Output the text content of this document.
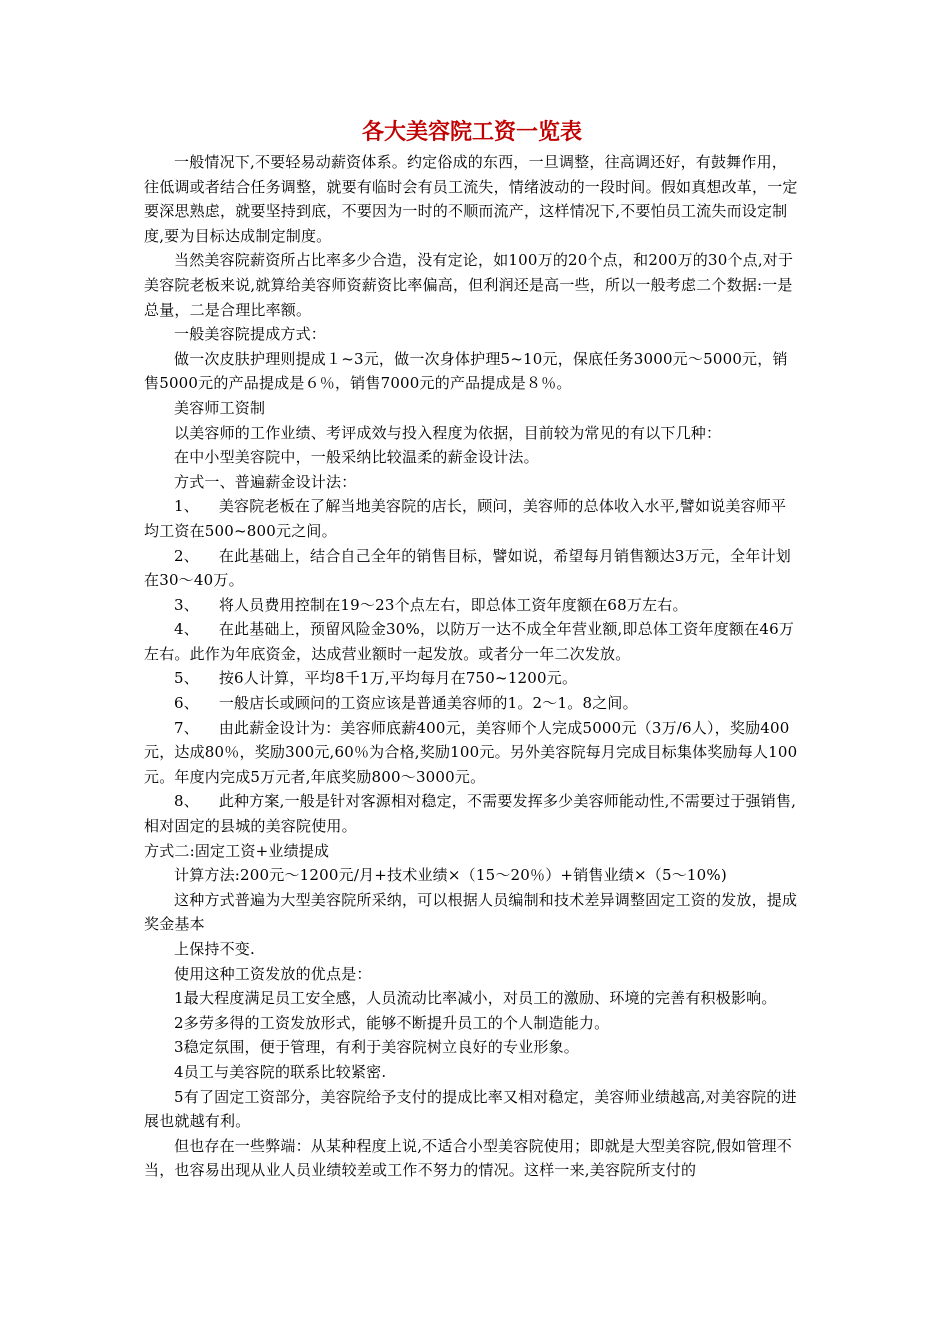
各大美容院工资一览表

一般情况下,不要轻易动薪资体系。约定俗成的东西，一旦调整，往高调还好，有鼓舞作用，往低调或者结合任务调整，就要有临时会有员工流失，情绪波动的一段时间。假如真想改革，一定要深思熟虑，就要坚持到底，不要因为一时的不顺而流产，这样情况下,不要怕员工流失而设定制度,要为目标达成制定制度。

当然美容院薪资所占比率多少合造，没有定论，如100万的20个点，和200万的30个点,对于美容院老板来说,就算给美容师资薪资比率偏高，但利润还是高一些，所以一般考虑二个数据:一是总量，二是合理比率额。

一般美容院提成方式：

做一次皮肤护理则提成１~3元，做一次身体护理5~10元，保底任务3000元～5000元，销售5000元的产品提成是６％，销售7000元的产品提成是８％。

美容师工资制

以美容师的工作业绩、考评成效与投入程度为依据，目前较为常见的有以下几种：

在中小型美容院中，一般采纳比较温柔的薪金设计法。

方式一、普遍薪金设计法：

1、    美容院老板在了解当地美容院的店长，顾问，美容师的总体收入水平,譬如说美容师平均工资在500~800元之间。

2、    在此基础上，结合自己全年的销售目标，譬如说，希望每月销售额达3万元，全年计划在30～40万。

3、    将人员费用控制在19～23个点左右，即总体工资年度额在68万左右。

4、    在此基础上，预留风险金30%，以防万一达不成全年营业额,即总体工资年度额在46万左右。此作为年底资金，达成营业额时一起发放。或者分一年二次发放。

5、    按6人计算，平均8千1万,平均每月在750~1200元。

6、    一般店长或顾问的工资应该是普通美容师的1。2～1。8之间。

7、    由此薪金设计为：美容师底薪400元，美容师个人完成5000元（3万/6人），奖励400元，达成80％，奖励300元,60％为合格,奖励100元。另外美容院每月完成目标集体奖励每人100元。年度内完成5万元者,年底奖励800～3000元。

8、    此种方案,一般是针对客源相对稳定，不需要发挥多少美容师能动性,不需要过于强销售,相对固定的县城的美容院使用。

方式二:固定工资+业绩提成

计算方法:200元～1200元/月+技术业绩×（15～20％）+销售业绩×（5～10%)

这种方式普遍为大型美容院所采纳，可以根据人员编制和技术差异调整固定工资的发放，提成奖金基本

上保持不变.

使用这种工资发放的优点是：

1最大程度满足员工安全感，人员流动比率减小，对员工的激励、环境的完善有积极影响。

2多劳多得的工资发放形式，能够不断提升员工的个人制造能力。

3稳定氛围，便于管理，有利于美容院树立良好的专业形象。

4员工与美容院的联系比较紧密.

5有了固定工资部分，美容院给予支付的提成比率又相对稳定，美容师业绩越高,对美容院的进展也就越有利。

但也存在一些弊端：从某种程度上说,不适合小型美容院使用；即就是大型美容院,假如管理不当，也容易出现从业人员业绩较差或工作不努力的情况。这样一来,美容院所支付的
